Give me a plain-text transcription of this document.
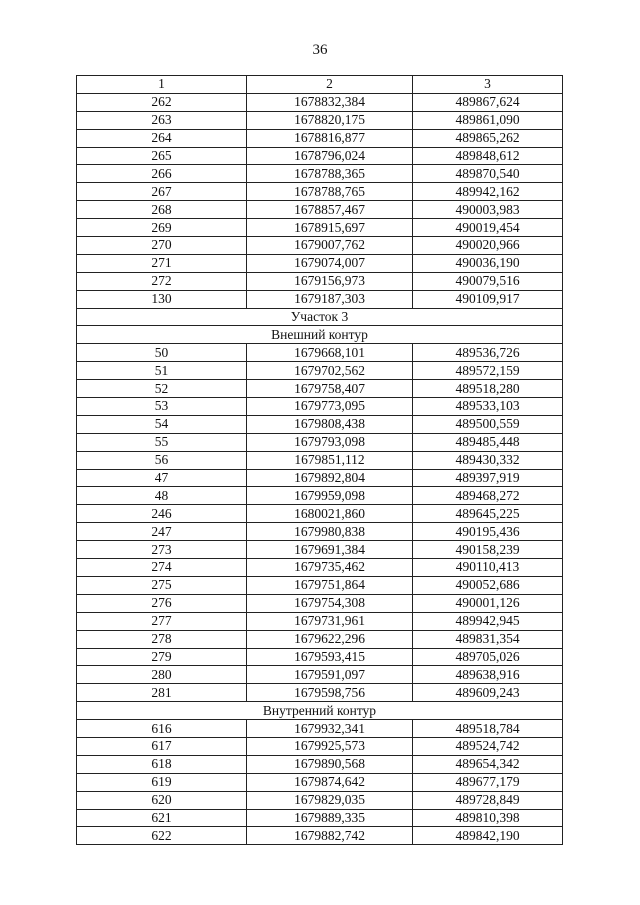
36
1	2	3
262	1678832,384	489867,624
263	1678820,175	489861,090
264	1678816,877	489865,262
265	1678796,024	489848,612
266	1678788,365	489870,540
267	1678788,765	489942,162
268	1678857,467	490003,983
269	1678915,697	490019,454
270	1679007,762	490020,966
271	1679074,007	490036,190
272	1679156,973	490079,516
130	1679187,303	490109,917
Участок 3		
Внешний контур		
50	1679668,101	489536,726
51	1679702,562	489572,159
52	1679758,407	489518,280
53	1679773,095	489533,103
54	1679808,438	489500,559
55	1679793,098	489485,448
56	1679851,112	489430,332
47	1679892,804	489397,919
48	1679959,098	489468,272
246	1680021,860	489645,225
247	1679980,838	490195,436
273	1679691,384	490158,239
274	1679735,462	490110,413
275	1679751,864	490052,686
276	1679754,308	490001,126
277	1679731,961	489942,945
278	1679622,296	489831,354
279	1679593,415	489705,026
280	1679591,097	489638,916
281	1679598,756	489609,243
Внутренний контур		
616	1679932,341	489518,784
617	1679925,573	489524,742
618	1679890,568	489654,342
619	1679874,642	489677,179
620	1679829,035	489728,849
621	1679889,335	489810,398
622	1679882,742	489842,190
